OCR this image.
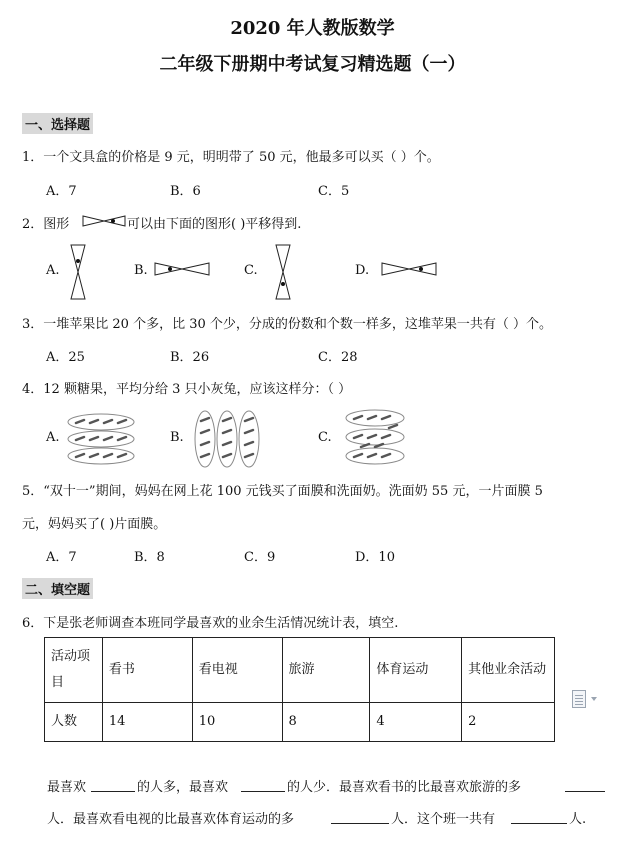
2020 年人教版数学
二年级下册期中考试复习精选题（一）
一、选择题
1．一个文具盒的价格是 9 元，明明带了 50 元，他最多可以买（ ）个。
A．7	B．6	C．5
2．图形	可以由下面的图形( )平移得到.
A.	B.	C.	D.
3．一堆苹果比 20 个多，比 30 个少，分成的份数和个数一样多，这堆苹果一共有（ ）个。
A．25	B．26	C．28
4．12 颗糖果，平均分给 3 只小灰兔，应该这样分：（ ）
A.	B.	C.
5．“双十一”期间，妈妈在网上花 100 元钱买了面膜和洗面奶。洗面奶 55 元，一片面膜 5
元，妈妈买了( )片面膜。
A．7	B．8	C．9	D．10
二、填空题
6．下是张老师调查本班同学最喜欢的业余生活情况统计表，填空.
活动项目	看书	看电视	旅游	体育运动	其他业余活动
人数	14	10	8	4	2
最喜欢	的人多，最喜欢	的人少．最喜欢看书的比最喜欢旅游的多
人．最喜欢看电视的比最喜欢体育运动的多	人．这个班一共有	人.
